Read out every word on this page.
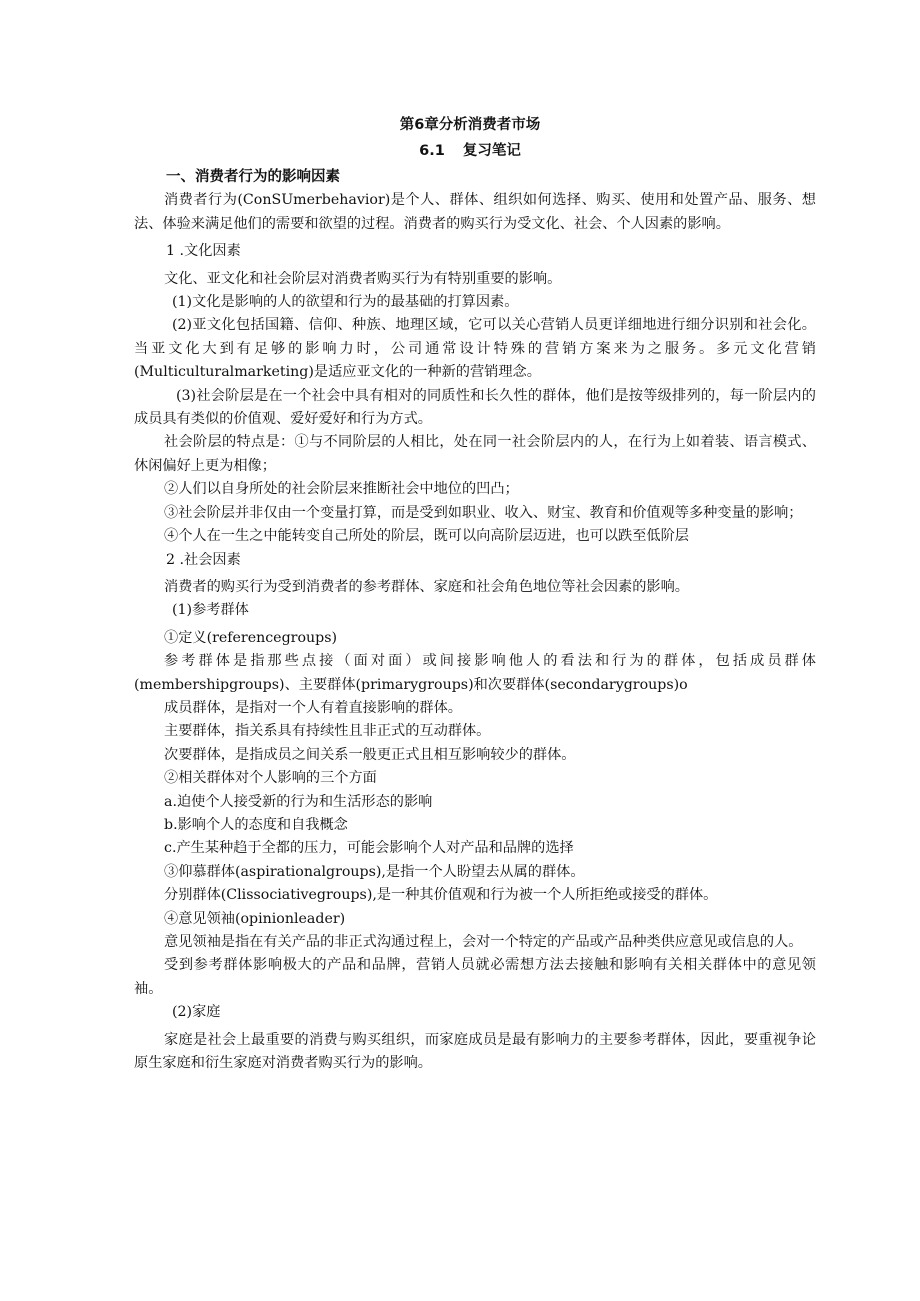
第6章分析消费者市场
6.1 复习笔记

一、消费者行为的影响因素

消费者行为(ConSUmerbehavior)是个人、群体、组织如何选择、购买、使用和处置产品、服务、想法、体验来满足他们的需要和欲望的过程。消费者的购买行为受文化、社会、个人因素的影响。

1 .文化因素

文化、亚文化和社会阶层对消费者购买行为有特别重要的影响。

(1)文化是影响的人的欲望和行为的最基础的打算因素。

(2)亚文化包括国籍、信仰、种族、地理区域，它可以关心营销人员更详细地进行细分识别和社会化。当亚文化大到有足够的影响力时，公司通常设计特殊的营销方案来为之服务。多元文化营销(Multiculturalmarketing)是适应亚文化的一种新的营销理念。

(3)社会阶层是在一个社会中具有相对的同质性和长久性的群体，他们是按等级排列的，每一阶层内的成员具有类似的价值观、爱好爱好和行为方式。

社会阶层的特点是：①与不同阶层的人相比，处在同一社会阶层内的人，在行为上如着装、语言模式、休闲偏好上更为相像；

②人们以自身所处的社会阶层来推断社会中地位的凹凸；

③社会阶层并非仅由一个变量打算，而是受到如职业、收入、财宝、教育和价值观等多种变量的影响；

④个人在一生之中能转变自己所处的阶层，既可以向高阶层迈进，也可以跌至低阶层

2 .社会因素

消费者的购买行为受到消费者的参考群体、家庭和社会角色地位等社会因素的影响。

(1)参考群体

①定义(referencegroups)

参考群体是指那些点接（面对面）或间接影响他人的看法和行为的群体，包括成员群体(membershipgroups)、主要群体(primarygroups)和次要群体(secondarygroups)o

成员群体，是指对一个人有着直接影响的群体。

主要群体，指关系具有持续性且非正式的互动群体。

次要群体，是指成员之间关系一般更正式且相互影响较少的群体。

②相关群体对个人影响的三个方面

a.迫使个人接受新的行为和生活形态的影响

b.影响个人的态度和自我概念

c.产生某种趋于全都的压力，可能会影响个人对产品和品牌的选择

③仰慕群体(aspirationalgroups),是指一个人盼望去从属的群体。

分别群体(Clissociativegroups),是一种其价值观和行为被一个人所拒绝或接受的群体。

④意见领袖(opinionleader)

意见领袖是指在有关产品的非正式沟通过程上，会对一个特定的产品或产品种类供应意见或信息的人。

受到参考群体影响极大的产品和品牌，营销人员就必需想方法去接触和影响有关相关群体中的意见领袖。

(2)家庭

家庭是社会上最重要的消费与购买组织，而家庭成员是最有影响力的主要参考群体，因此，要重视争论原生家庭和衍生家庭对消费者购买行为的影响。
